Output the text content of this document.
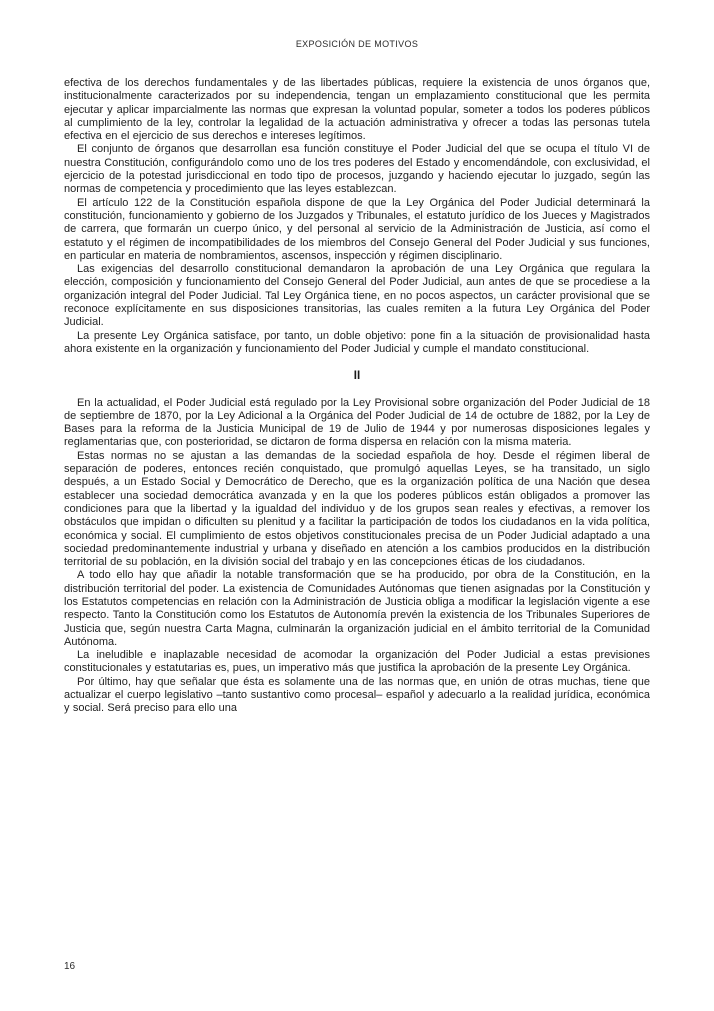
EXPOSICIÓN DE MOTIVOS

efectiva de los derechos fundamentales y de las libertades públicas, requiere la existencia de unos órganos que, institucionalmente caracterizados por su independencia, tengan un emplazamiento constitucional que les permita ejecutar y aplicar imparcialmente las normas que expresan la voluntad popular, someter a todos los poderes públicos al cumplimiento de la ley, controlar la legalidad de la actuación administrativa y ofrecer a todas las personas tutela efectiva en el ejercicio de sus derechos e intereses legítimos.

El conjunto de órganos que desarrollan esa función constituye el Poder Judicial del que se ocupa el título VI de nuestra Constitución, configurándolo como uno de los tres poderes del Estado y encomendándole, con exclusividad, el ejercicio de la potestad jurisdiccional en todo tipo de procesos, juzgando y haciendo ejecutar lo juzgado, según las normas de competencia y procedimiento que las leyes establezcan.

El artículo 122 de la Constitución española dispone de que la Ley Orgánica del Poder Judicial determinará la constitución, funcionamiento y gobierno de los Juzgados y Tribunales, el estatuto jurídico de los Jueces y Magistrados de carrera, que formarán un cuerpo único, y del personal al servicio de la Administración de Justicia, así como el estatuto y el régimen de incompatibilidades de los miembros del Consejo General del Poder Judicial y sus funciones, en particular en materia de nombramientos, ascensos, inspección y régimen disciplinario.

Las exigencias del desarrollo constitucional demandaron la aprobación de una Ley Orgánica que regulara la elección, composición y funcionamiento del Consejo General del Poder Judicial, aun antes de que se procediese a la organización integral del Poder Judicial. Tal Ley Orgánica tiene, en no pocos aspectos, un carácter provisional que se reconoce explícitamente en sus disposiciones transitorias, las cuales remiten a la futura Ley Orgánica del Poder Judicial.

La presente Ley Orgánica satisface, por tanto, un doble objetivo: pone fin a la situación de provisionalidad hasta ahora existente en la organización y funcionamiento del Poder Judicial y cumple el mandato constitucional.

II

En la actualidad, el Poder Judicial está regulado por la Ley Provisional sobre organización del Poder Judicial de 18 de septiembre de 1870, por la Ley Adicional a la Orgánica del Poder Judicial de 14 de octubre de 1882, por la Ley de Bases para la reforma de la Justicia Municipal de 19 de Julio de 1944 y por numerosas disposiciones legales y reglamentarias que, con posterioridad, se dictaron de forma dispersa en relación con la misma materia.

Estas normas no se ajustan a las demandas de la sociedad española de hoy. Desde el régimen liberal de separación de poderes, entonces recién conquistado, que promulgó aquellas Leyes, se ha transitado, un siglo después, a un Estado Social y Democrático de Derecho, que es la organización política de una Nación que desea establecer una sociedad democrática avanzada y en la que los poderes públicos están obligados a promover las condiciones para que la libertad y la igualdad del individuo y de los grupos sean reales y efectivas, a remover los obstáculos que impidan o dificulten su plenitud y a facilitar la participación de todos los ciudadanos en la vida política, económica y social. El cumplimiento de estos objetivos constitucionales precisa de un Poder Judicial adaptado a una sociedad predominantemente industrial y urbana y diseñado en atención a los cambios producidos en la distribución territorial de su población, en la división social del trabajo y en las concepciones éticas de los ciudadanos.

A todo ello hay que añadir la notable transformación que se ha producido, por obra de la Constitución, en la distribución territorial del poder. La existencia de Comunidades Autónomas que tienen asignadas por la Constitución y los Estatutos competencias en relación con la Administración de Justicia obliga a modificar la legislación vigente a ese respecto. Tanto la Constitución como los Estatutos de Autonomía prevén la existencia de los Tribunales Superiores de Justicia que, según nuestra Carta Magna, culminarán la organización judicial en el ámbito territorial de la Comunidad Autónoma.

La ineludible e inaplazable necesidad de acomodar la organización del Poder Judicial a estas previsiones constitucionales y estatutarias es, pues, un imperativo más que justifica la aprobación de la presente Ley Orgánica.

Por último, hay que señalar que ésta es solamente una de las normas que, en unión de otras muchas, tiene que actualizar el cuerpo legislativo –tanto sustantivo como procesal– español y adecuarlo a la realidad jurídica, económica y social. Será preciso para ello una

16
